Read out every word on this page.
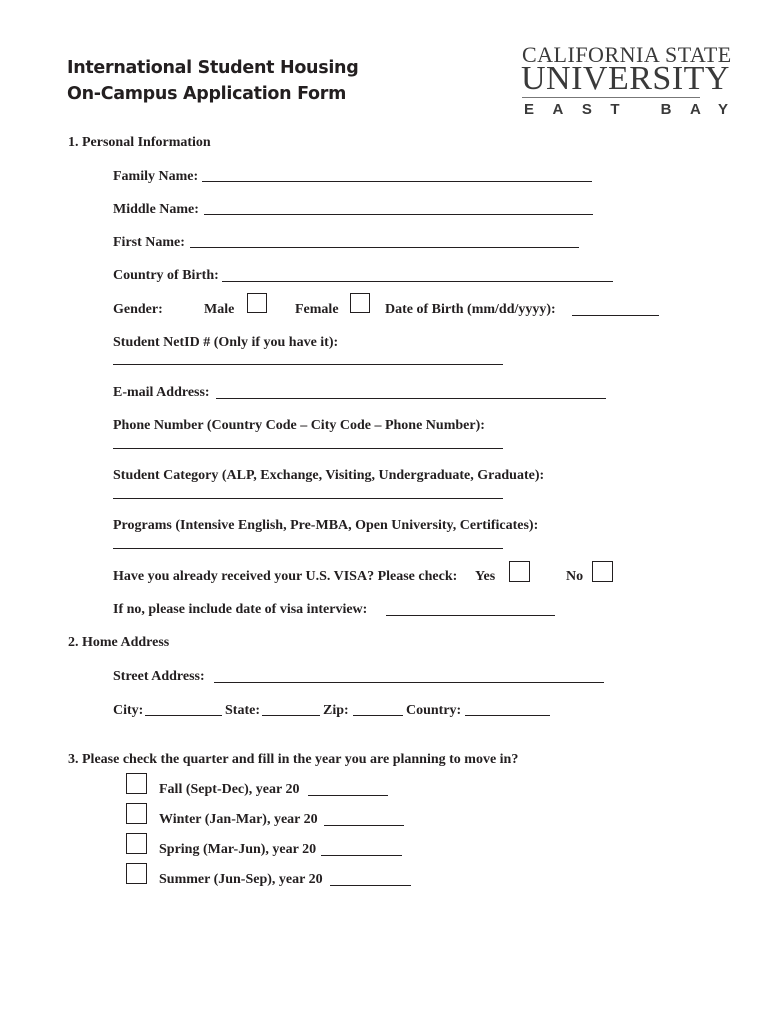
International Student Housing
On-Campus Application Form
CALIFORNIA STATE
UNIVERSITY
EAST BAY
1. Personal Information
Family Name:
Middle Name:
First Name:
Country of Birth:
Gender:	Male	Female	Date of Birth (mm/dd/yyyy):
Student NetID # (Only if you have it):
E-mail Address:
Phone Number (Country Code – City Code – Phone Number):
Student Category (ALP, Exchange, Visiting, Undergraduate, Graduate):
Programs (Intensive English, Pre-MBA, Open University, Certificates):
Have you already received your U.S. VISA? Please check: Yes	No
If no, please include date of visa interview:
2. Home Address
Street Address:
City:	State:	Zip:	Country:
3. Please check the quarter and fill in the year you are planning to move in?
Fall (Sept-Dec), year 20
Winter (Jan-Mar), year 20
Spring (Mar-Jun), year 20
Summer (Jun-Sep), year 20
